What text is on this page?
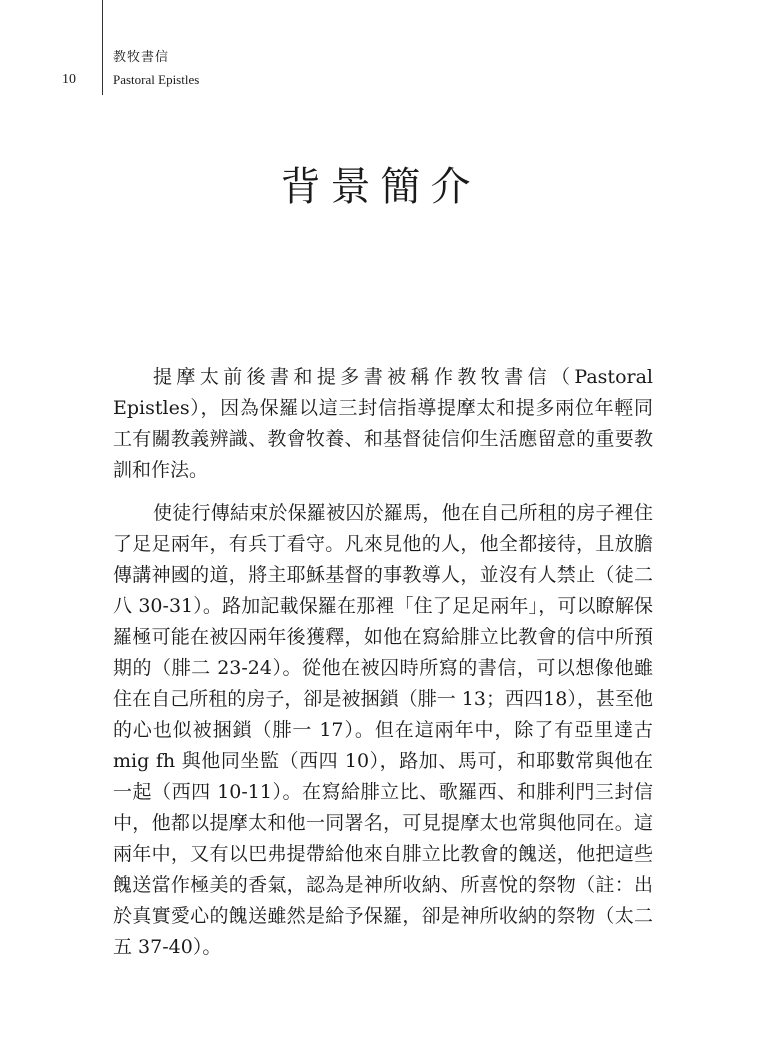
10
教牧書信
Pastoral Epistles
背景簡介

提摩太前後書和提多書被稱作教牧書信（Pastoral Epistles），因為保羅以這三封信指導提摩太和提多兩位年輕同工有關教義辨識、教會牧養、和基督徒信仰生活應留意的重要教訓和作法。

使徒行傳結束於保羅被囚於羅馬，他在自己所租的房子裡住了足足兩年，有兵丁看守。凡來見他的人，他全都接待，且放膽傳講神國的道，將主耶穌基督的事教導人，並沒有人禁止（徒二八 30-31）。路加記載保羅在那裡「住了足足兩年」，可以瞭解保羅極可能在被囚兩年後獲釋，如他在寫給腓立比教會的信中所預期的（腓二 23-24）。從他在被囚時所寫的書信，可以想像他雖住在自己所租的房子，卻是被捆鎖（腓一 13；西四18），甚至他的心也似被捆鎖（腓一 17）。但在這兩年中，除了有亞里達古 mig fh 與他同坐監（西四 10），路加、馬可，和耶數常與他在一起（西四 10-11）。在寫給腓立比、歌羅西、和腓利門三封信中，他都以提摩太和他一同署名，可見提摩太也常與他同在。這兩年中，又有以巴弗提帶給他來自腓立比教會的餽送，他把這些餽送當作極美的香氣，認為是神所收納、所喜悅的祭物（註：出於真實愛心的餽送雖然是給予保羅，卻是神所收納的祭物（太二五 37-40）。
